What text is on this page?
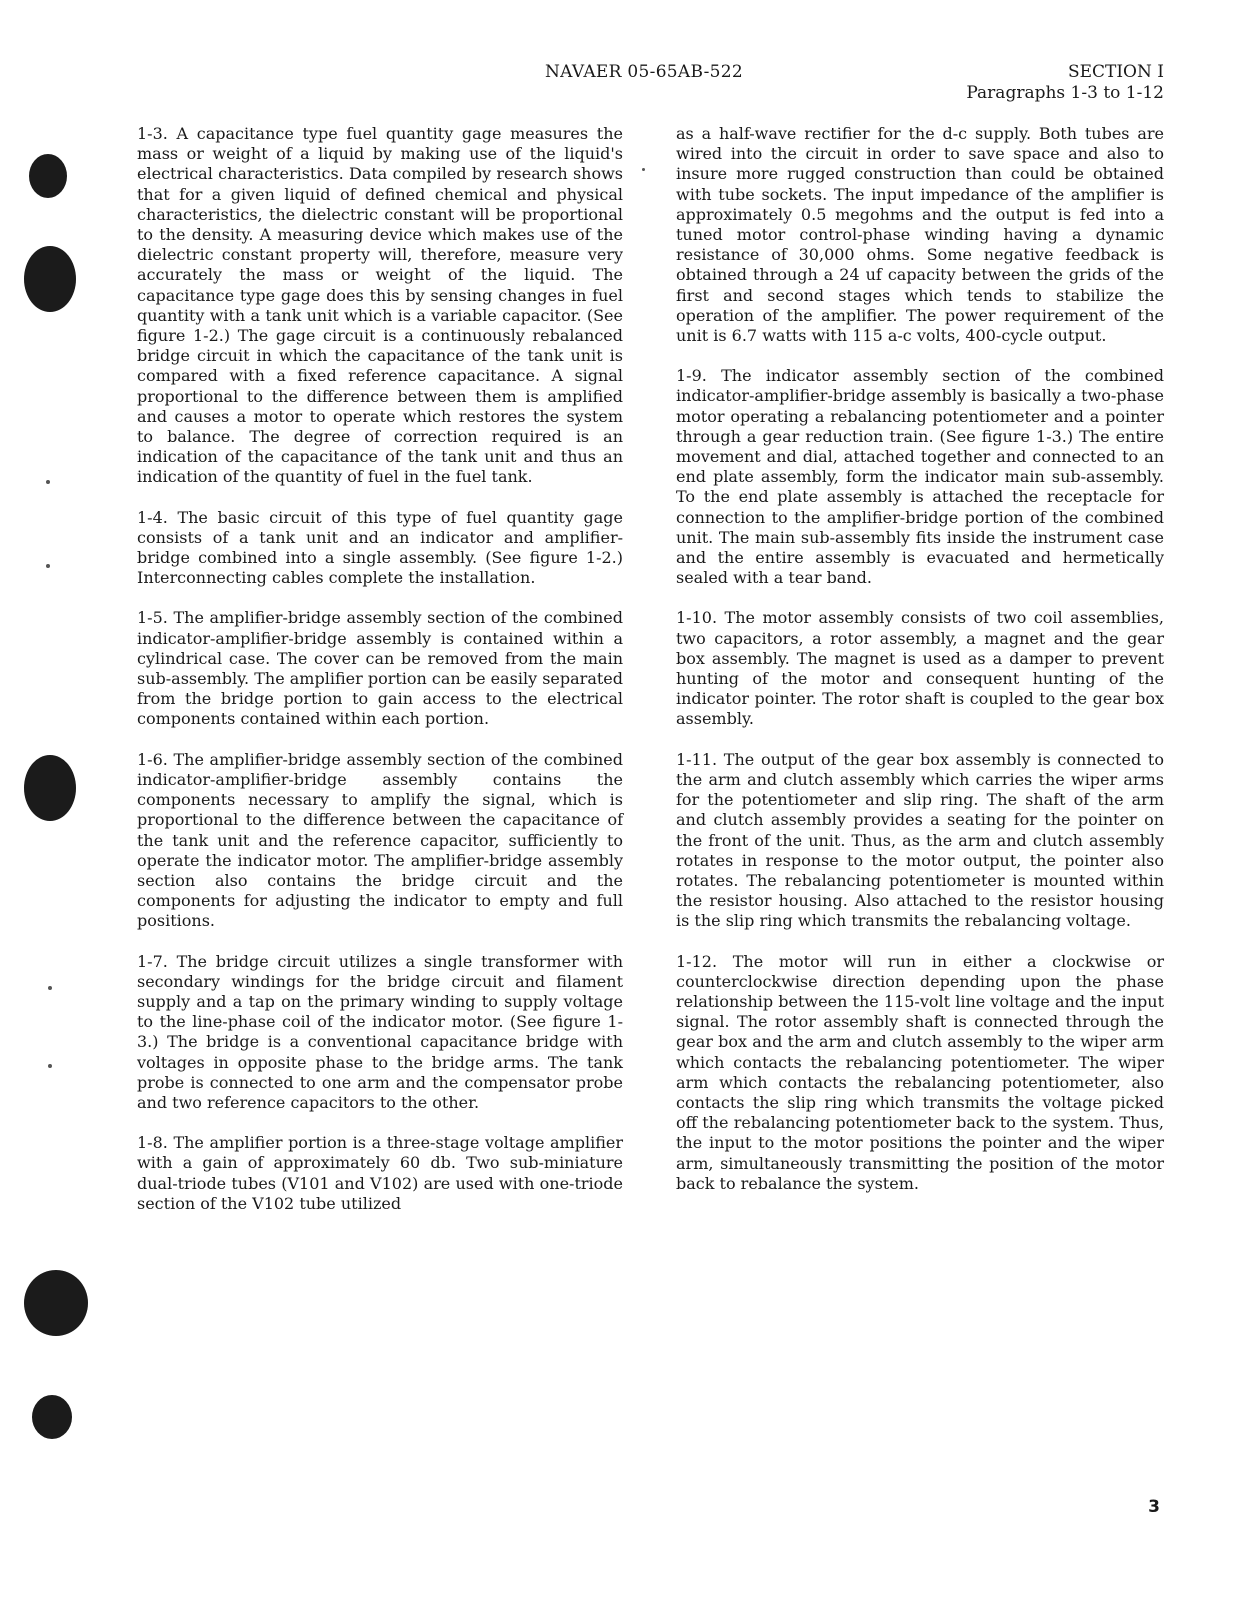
NAVAER 05-65AB-522	SECTION I
Paragraphs 1-3 to 1-12

1-3. A capacitance type fuel quantity gage measures the mass or weight of a liquid by making use of the liquid's electrical characteristics. Data compiled by research shows that for a given liquid of defined chemical and physical characteristics, the dielectric constant will be proportional to the density. A measuring device which makes use of the dielectric constant property will, therefore, measure very accurately the mass or weight of the liquid. The capacitance type gage does this by sensing changes in fuel quantity with a tank unit which is a variable capacitor. (See figure 1-2.) The gage circuit is a continuously rebalanced bridge circuit in which the capacitance of the tank unit is compared with a fixed reference capacitance. A signal proportional to the difference between them is amplified and causes a motor to operate which restores the system to balance. The degree of correction required is an indication of the capacitance of the tank unit and thus an indication of the quantity of fuel in the fuel tank.

1-4. The basic circuit of this type of fuel quantity gage consists of a tank unit and an indicator and amplifier-bridge combined into a single assembly. (See figure 1-2.) Interconnecting cables complete the installation.

1-5. The amplifier-bridge assembly section of the combined indicator-amplifier-bridge assembly is contained within a cylindrical case. The cover can be removed from the main sub-assembly. The amplifier portion can be easily separated from the bridge portion to gain access to the electrical components contained within each portion.

1-6. The amplifier-bridge assembly section of the combined indicator-amplifier-bridge assembly contains the components necessary to amplify the signal, which is proportional to the difference between the capacitance of the tank unit and the reference capacitor, sufficiently to operate the indicator motor. The amplifier-bridge assembly section also contains the bridge circuit and the components for adjusting the indicator to empty and full positions.

1-7. The bridge circuit utilizes a single transformer with secondary windings for the bridge circuit and filament supply and a tap on the primary winding to supply voltage to the line-phase coil of the indicator motor. (See figure 1-3.) The bridge is a conventional capacitance bridge with voltages in opposite phase to the bridge arms. The tank probe is connected to one arm and the compensator probe and two reference capacitors to the other.

1-8. The amplifier portion is a three-stage voltage amplifier with a gain of approximately 60 db. Two sub-miniature dual-triode tubes (V101 and V102) are used with one-triode section of the V102 tube utilized

as a half-wave rectifier for the d-c supply. Both tubes are wired into the circuit in order to save space and also to insure more rugged construction than could be obtained with tube sockets. The input impedance of the amplifier is approximately 0.5 megohms and the output is fed into a tuned motor control-phase winding having a dynamic resistance of 30,000 ohms. Some negative feedback is obtained through a 24 uf capacity between the grids of the first and second stages which tends to stabilize the operation of the amplifier. The power requirement of the unit is 6.7 watts with 115 a-c volts, 400-cycle output.

1-9. The indicator assembly section of the combined indicator-amplifier-bridge assembly is basically a two-phase motor operating a rebalancing potentiometer and a pointer through a gear reduction train. (See figure 1-3.) The entire movement and dial, attached together and connected to an end plate assembly, form the indicator main sub-assembly. To the end plate assembly is attached the receptacle for connection to the amplifier-bridge portion of the combined unit. The main sub-assembly fits inside the instrument case and the entire assembly is evacuated and hermetically sealed with a tear band.

1-10. The motor assembly consists of two coil assemblies, two capacitors, a rotor assembly, a magnet and the gear box assembly. The magnet is used as a damper to prevent hunting of the motor and consequent hunting of the indicator pointer. The rotor shaft is coupled to the gear box assembly.

1-11. The output of the gear box assembly is connected to the arm and clutch assembly which carries the wiper arms for the potentiometer and slip ring. The shaft of the arm and clutch assembly provides a seating for the pointer on the front of the unit. Thus, as the arm and clutch assembly rotates in response to the motor output, the pointer also rotates. The rebalancing potentiometer is mounted within the resistor housing. Also attached to the resistor housing is the slip ring which transmits the rebalancing voltage.

1-12. The motor will run in either a clockwise or counterclockwise direction depending upon the phase relationship between the 115-volt line voltage and the input signal. The rotor assembly shaft is connected through the gear box and the arm and clutch assembly to the wiper arm which contacts the rebalancing potentiometer. The wiper arm which contacts the rebalancing potentiometer, also contacts the slip ring which transmits the voltage picked off the rebalancing potentiometer back to the system. Thus, the input to the motor positions the pointer and the wiper arm, simultaneously transmitting the position of the motor back to rebalance the system.

3
